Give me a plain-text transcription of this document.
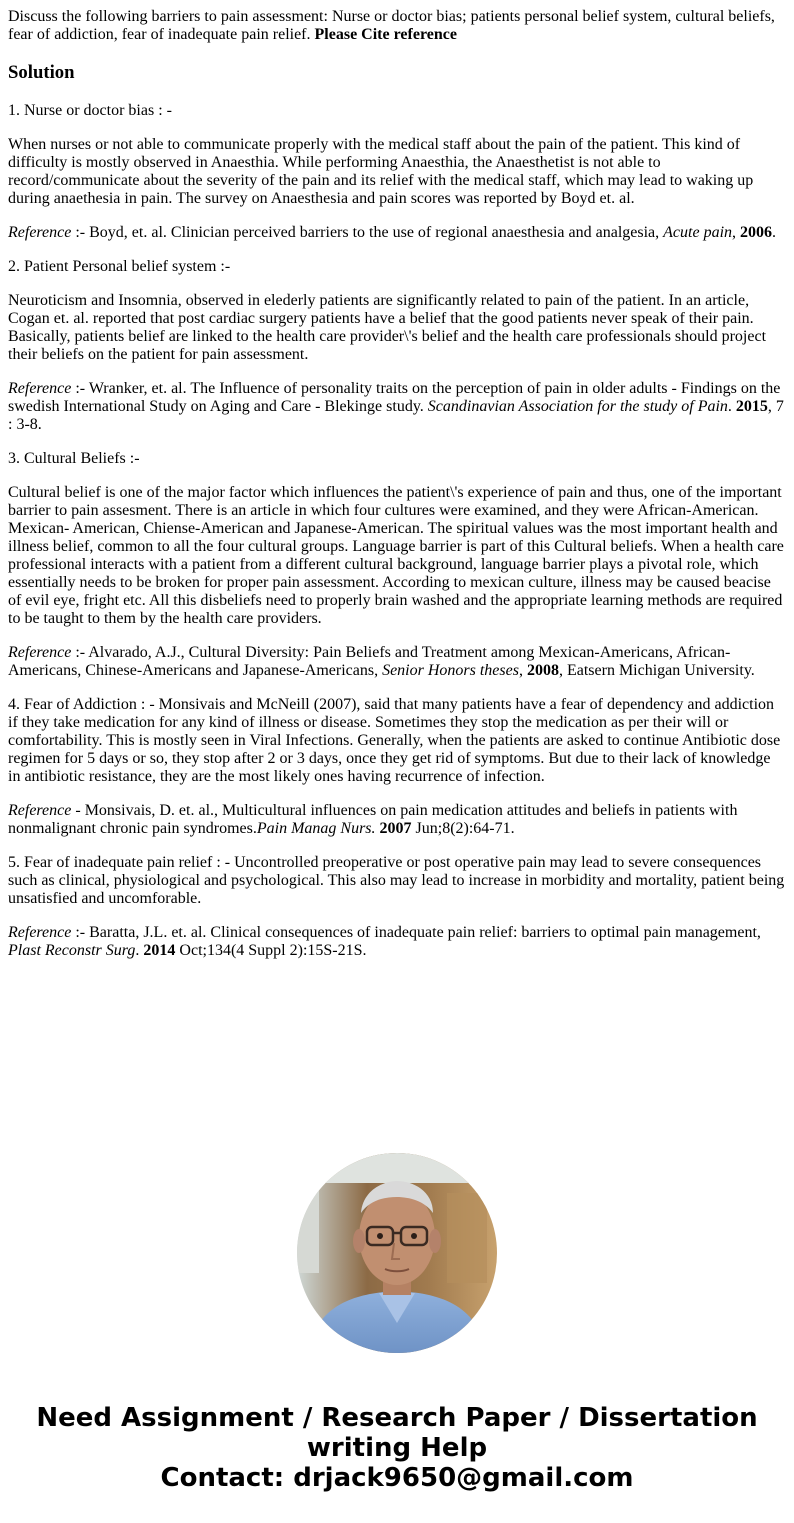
Discuss the following barriers to pain assessment: Nurse or doctor bias; patients personal belief system, cultural beliefs, fear of addiction, fear of inadequate pain relief. Please Cite reference

Solution

1. Nurse or doctor bias : -

When nurses or not able to communicate properly with the medical staff about the pain of the patient. This kind of difficulty is mostly observed in Anaesthia. While performing Anaesthia, the Anaesthetist is not able to record/communicate about the severity of the pain and its relief with the medical staff, which may lead to waking up during anaethesia in pain. The survey on Anaesthesia and pain scores was reported by Boyd et. al.

Reference :- Boyd, et. al. Clinician perceived barriers to the use of regional anaesthesia and analgesia, Acute pain, 2006.

2. Patient Personal belief system :-

Neuroticism and Insomnia, observed in elederly patients are significantly related to pain of the patient. In an article, Cogan et. al. reported that post cardiac surgery patients have a belief that the good patients never speak of their pain. Basically, patients belief are linked to the health care provider\'s belief and the health care professionals should project their beliefs on the patient for pain assessment.

Reference :- Wranker, et. al. The Influence of personality traits on the perception of pain in older adults - Findings on the swedish International Study on Aging and Care - Blekinge study. Scandinavian Association for the study of Pain. 2015, 7 : 3-8.

3. Cultural Beliefs :-

Cultural belief is one of the major factor which influences the patient\'s experience of pain and thus, one of the important barrier to pain assesment. There is an article in which four cultures were examined, and they were African-American. Mexican- American, Chiense-American and Japanese-American. The spiritual values was the most important health and illness belief, common to all the four cultural groups. Language barrier is part of this Cultural beliefs. When a health care professional interacts with a patient from a different cultural background, language barrier plays a pivotal role, which essentially needs to be broken for proper pain assessment. According to mexican culture, illness may be caused beacise of evil eye, fright etc. All this disbeliefs need to properly brain washed and the appropriate learning methods are required to be taught to them by the health care providers.

Reference :- Alvarado, A.J., Cultural Diversity: Pain Beliefs and Treatment among Mexican-Americans, African-Americans, Chinese-Americans and Japanese-Americans, Senior Honors theses, 2008, Eatsern Michigan University.

4. Fear of Addiction : - Monsivais and McNeill (2007), said that many patients have a fear of dependency and addiction if they take medication for any kind of illness or disease. Sometimes they stop the medication as per their will or comfortability. This is mostly seen in Viral Infections. Generally, when the patients are asked to continue Antibiotic dose regimen for 5 days or so, they stop after 2 or 3 days, once they get rid of symptoms. But due to their lack of knowledge in antibiotic resistance, they are the most likely ones having recurrence of infection.

Reference - Monsivais, D. et. al., Multicultural influences on pain medication attitudes and beliefs in patients with nonmalignant chronic pain syndromes.Pain Manag Nurs. 2007 Jun;8(2):64-71.

5. Fear of inadequate pain relief : - Uncontrolled preoperative or post operative pain may lead to severe consequences such as clinical, physiological and psychological. This also may lead to increase in morbidity and mortality, patient being unsatisfied and uncomforable.

Reference :- Baratta, J.L. et. al. Clinical consequences of inadequate pain relief: barriers to optimal pain management, Plast Reconstr Surg. 2014 Oct;134(4 Suppl 2):15S-21S.

Need Assignment / Research Paper / Dissertation
writing Help
Contact: drjack9650@gmail.com
